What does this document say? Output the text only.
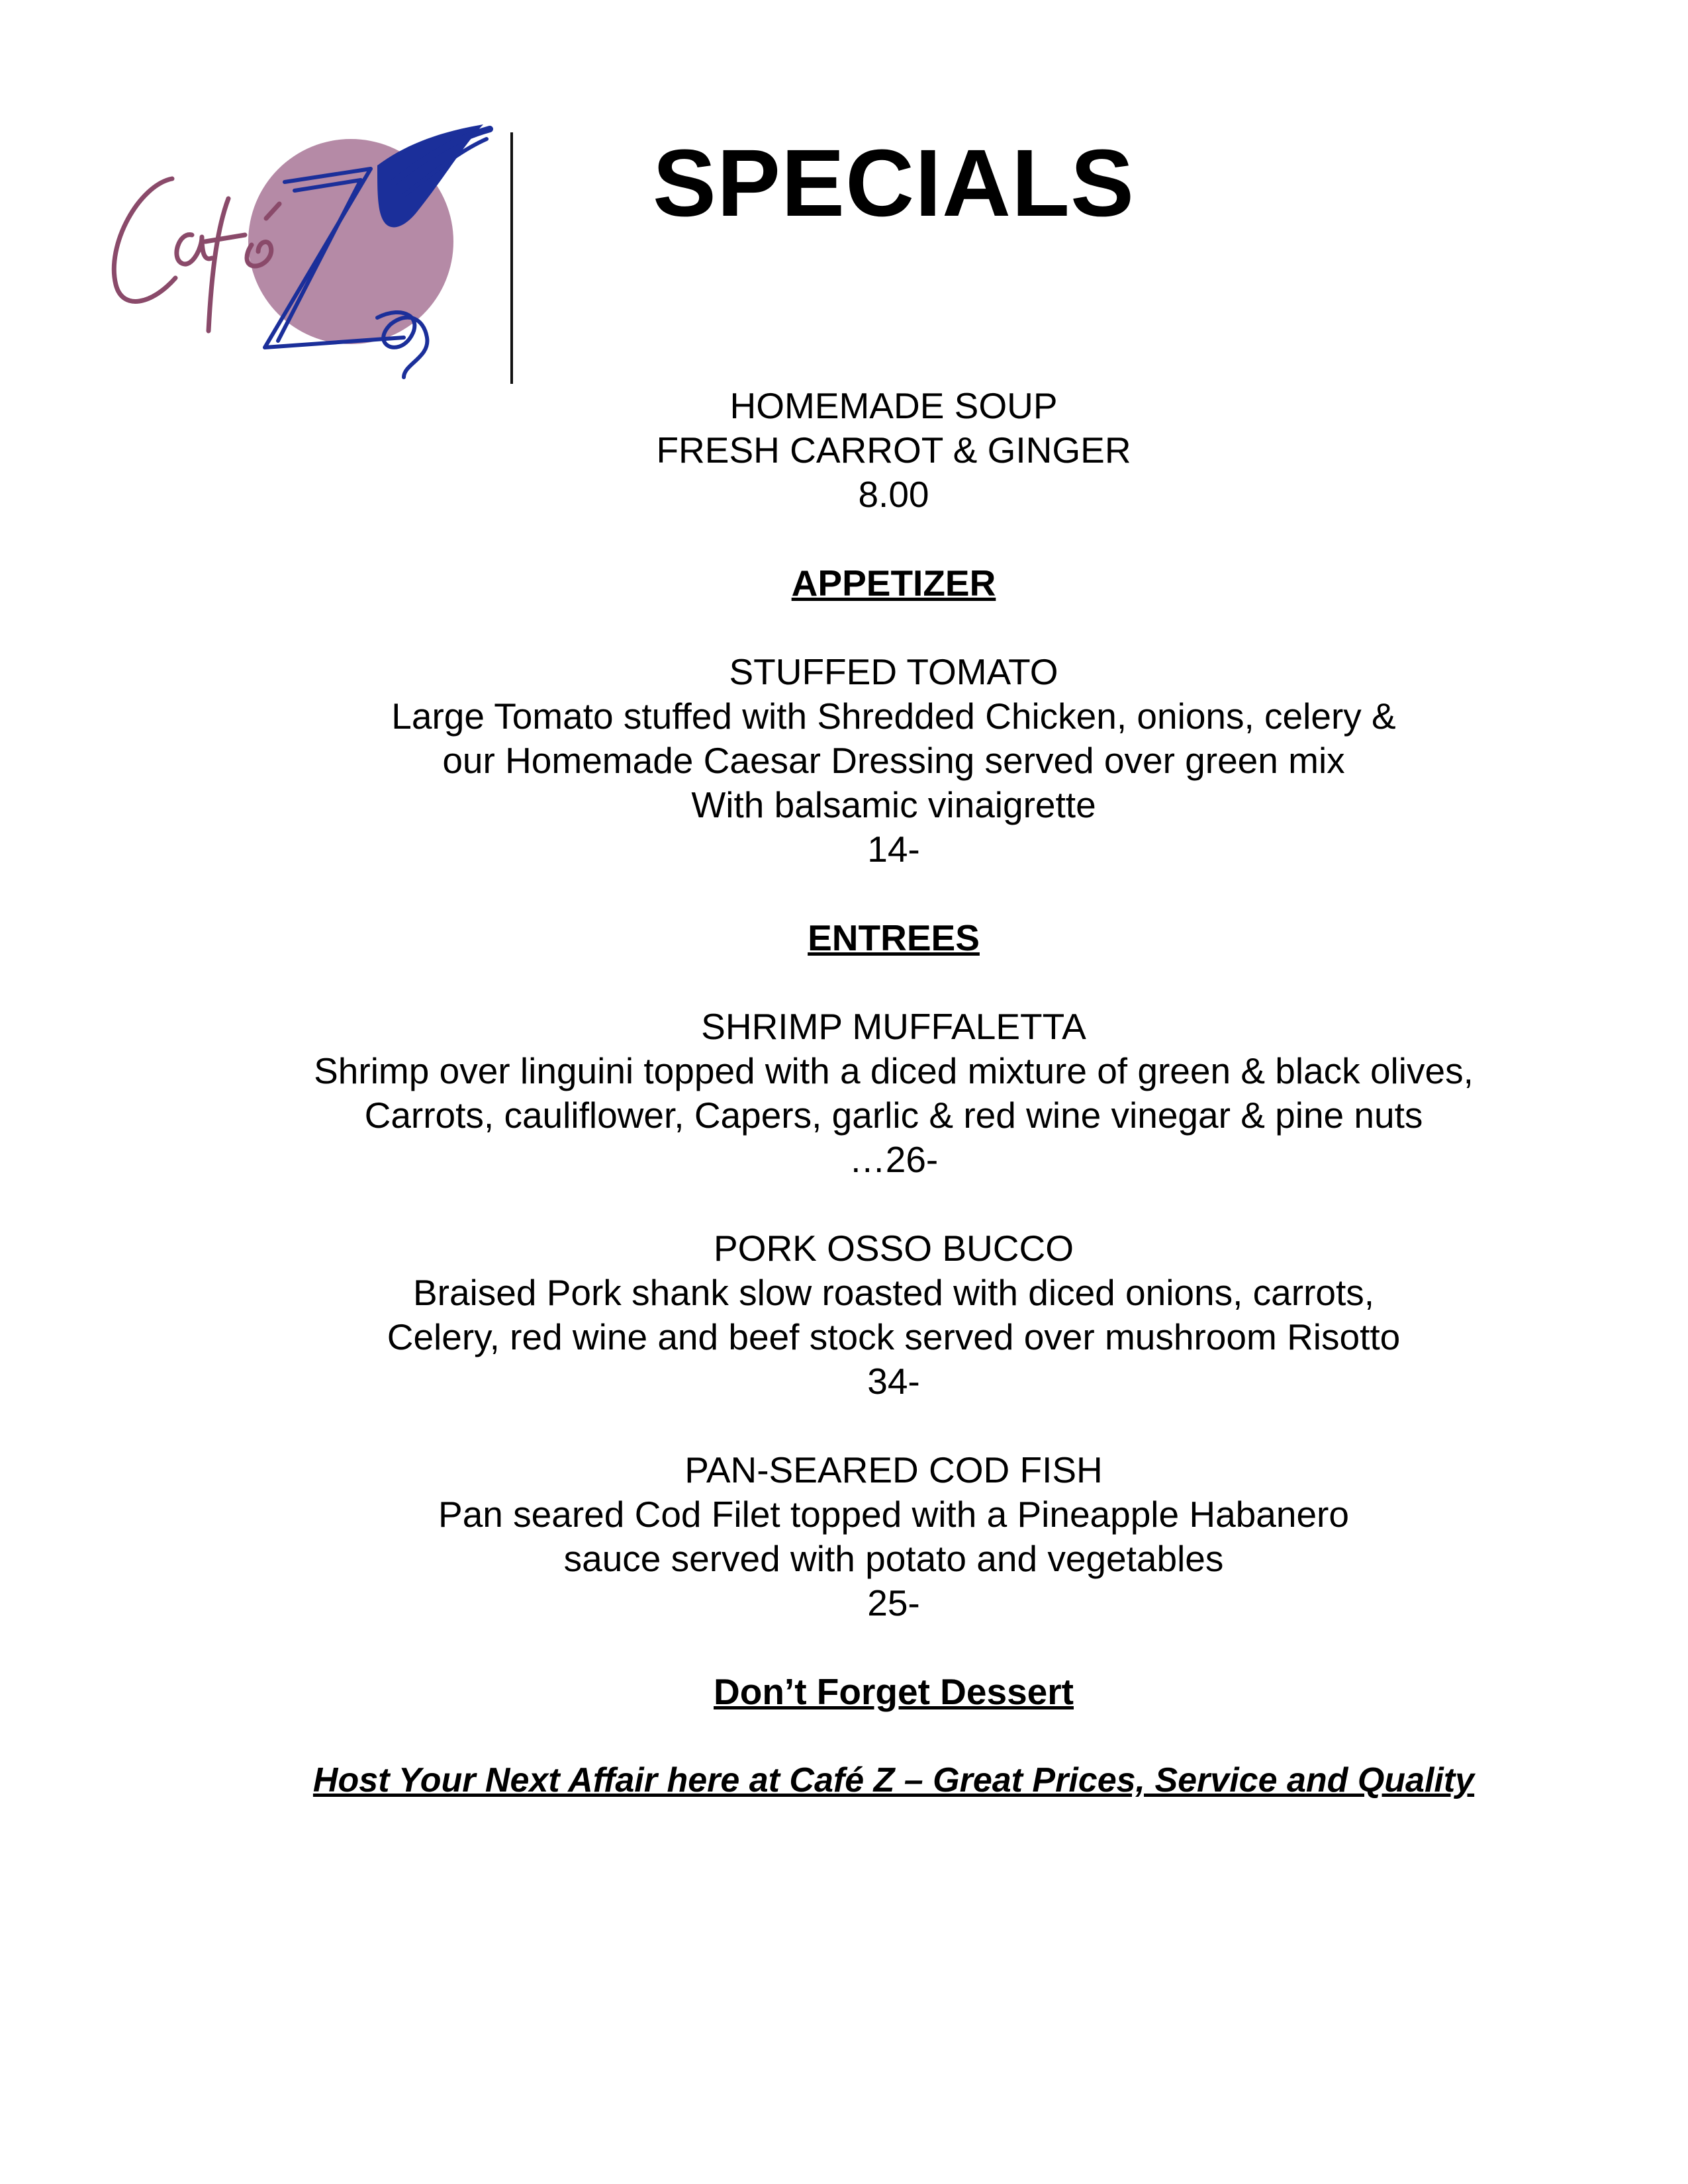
SPECIALS
HOMEMADE SOUP
FRESH CARROT & GINGER
8.00
APPETIZER
STUFFED TOMATO
Large Tomato stuffed with Shredded Chicken, onions, celery &
our Homemade Caesar Dressing served over green mix
With balsamic vinaigrette
14-
ENTREES
SHRIMP MUFFALETTA
Shrimp over linguini topped with a diced mixture of green & black olives,
Carrots, cauliflower, Capers, garlic & red wine vinegar & pine nuts
…26-
PORK OSSO BUCCO
Braised Pork shank slow roasted with diced onions, carrots,
Celery, red wine and beef stock served over mushroom Risotto
34-
PAN-SEARED COD FISH
Pan seared Cod Filet topped with a Pineapple Habanero
sauce served with potato and vegetables
25-
Don’t Forget Dessert
Host Your Next Affair here at Café Z – Great Prices, Service and Quality
